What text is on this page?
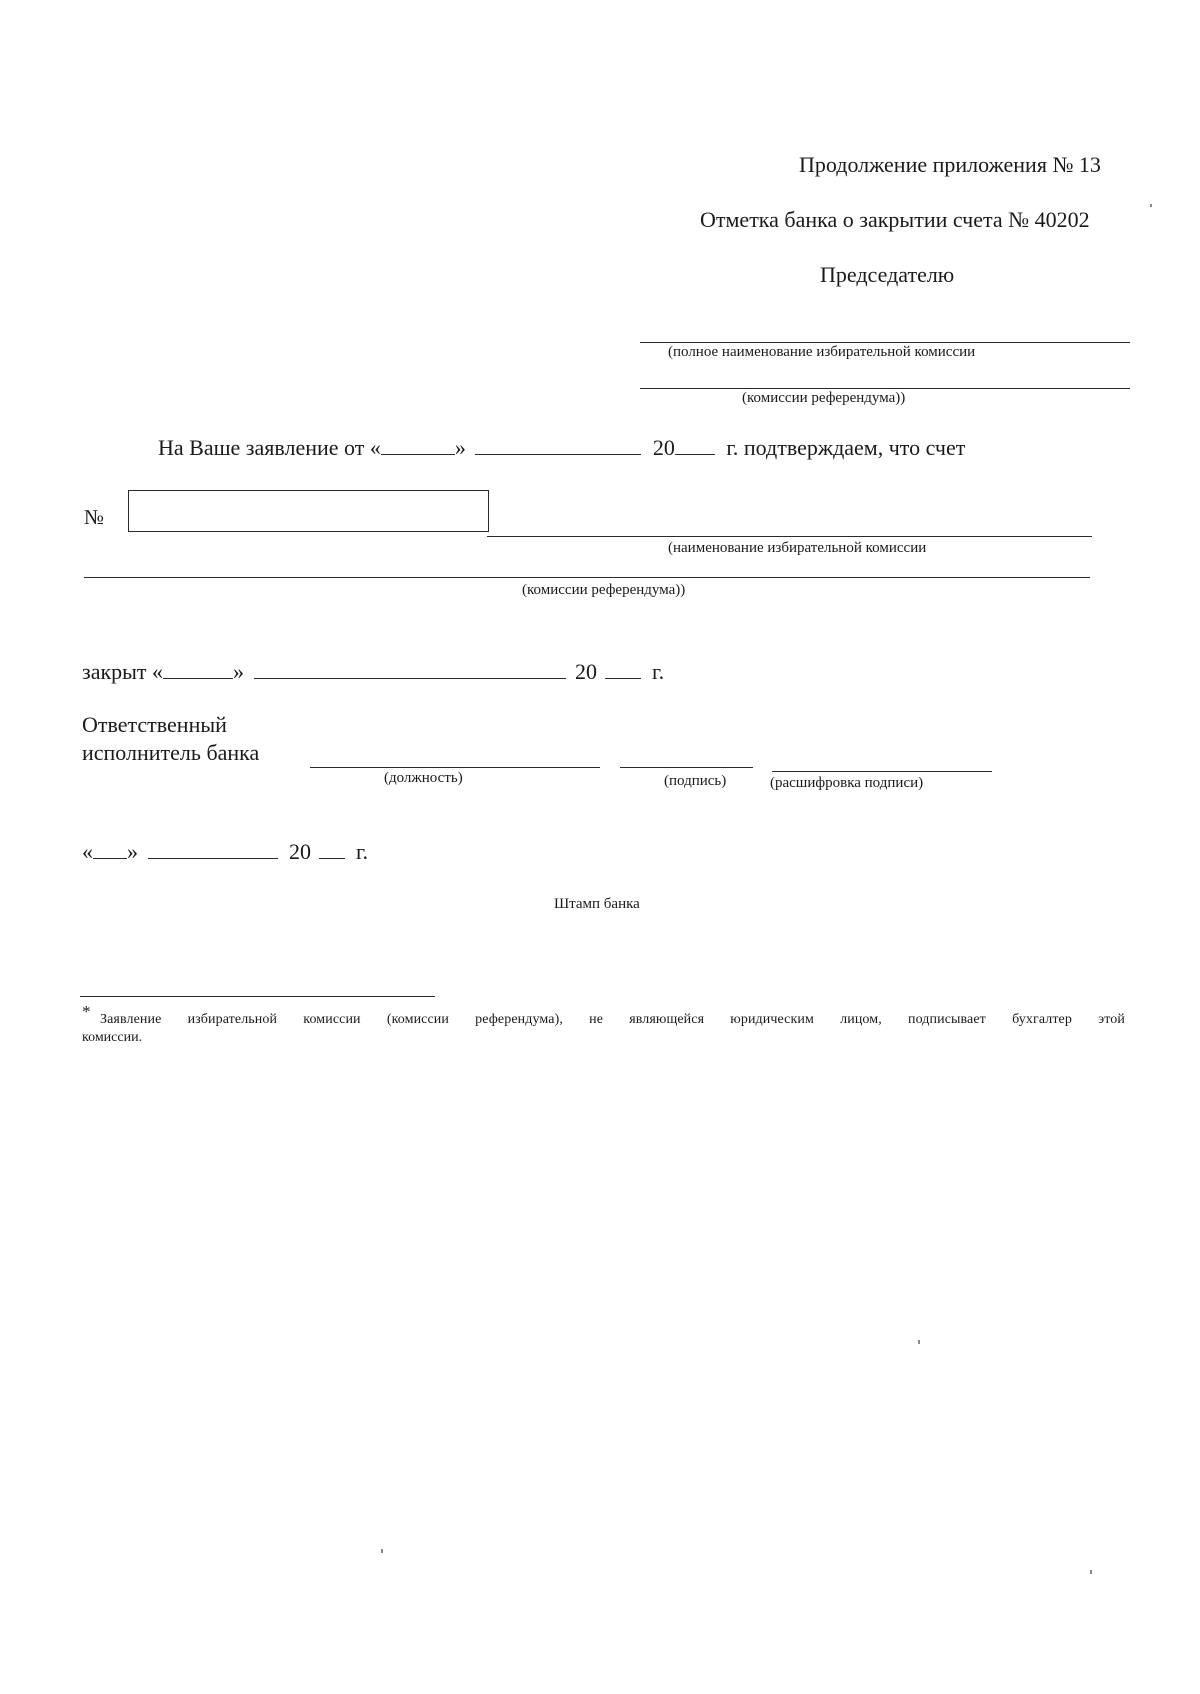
Продолжение приложения № 13
Отметка банка о закрытии счета № 40202
Председателю
(полное наименование избирательной комиссии
(комиссии референдума))
На Ваше заявление от «	»	20 г. подтверждаем, что счет
№
(наименование избирательной комиссии
(комиссии референдума))
закрыт «	»	20	г.
Ответственный
исполнитель банка
(должность)	(подпись)	(расшифровка подписи)
« »	20 г.
Штамп банка
* Заявление избирательной комиссии (комиссии референдума), не являющейся юридическим лицом, подписывает бухгалтер этой
комиссии.
